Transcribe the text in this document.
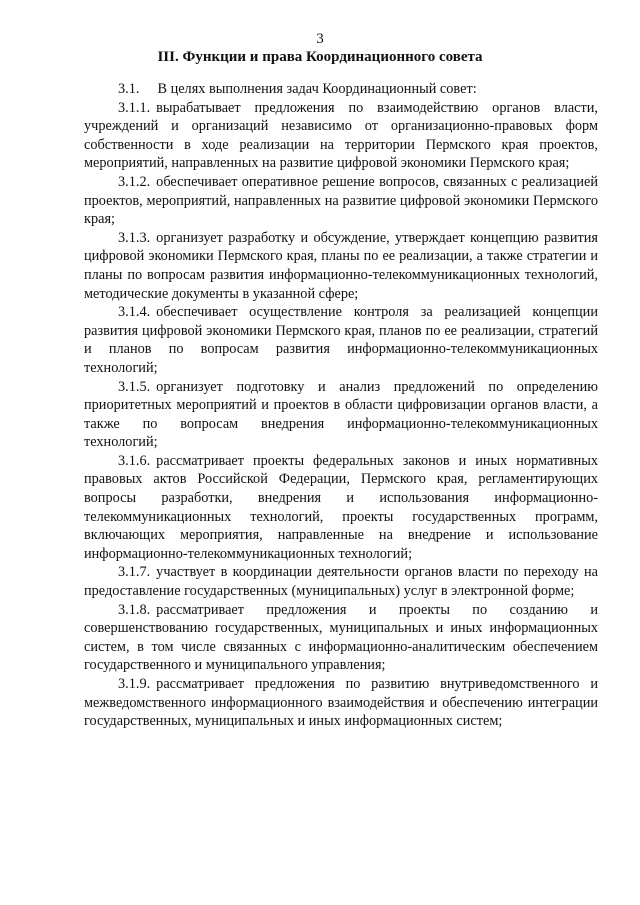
3
III. Функции и права Координационного совета

3.1. В целях выполнения задач Координационный совет:

3.1.1. вырабатывает предложения по взаимодействию органов власти, учреждений и организаций независимо от организационно-правовых форм собственности в ходе реализации на территории Пермского края проектов, мероприятий, направленных на развитие цифровой экономики Пермского края;

3.1.2. обеспечивает оперативное решение вопросов, связанных с реализацией проектов, мероприятий, направленных на развитие цифровой экономики Пермского края;

3.1.3. организует разработку и обсуждение, утверждает концепцию развития цифровой экономики Пермского края, планы по ее реализации, а также стратегии и планы по вопросам развития информационно-телекоммуникационных технологий, методические документы в указанной сфере;

3.1.4. обеспечивает осуществление контроля за реализацией концепции развития цифровой экономики Пермского края, планов по ее реализации, стратегий и планов по вопросам развития информационно-телекоммуникационных технологий;

3.1.5. организует подготовку и анализ предложений по определению приоритетных мероприятий и проектов в области цифровизации органов власти, а также по вопросам внедрения информационно-телекоммуникационных технологий;

3.1.6. рассматривает проекты федеральных законов и иных нормативных правовых актов Российской Федерации, Пермского края, регламентирующих вопросы разработки, внедрения и использования информационно-телекоммуникационных технологий, проекты государственных программ, включающих мероприятия, направленные на внедрение и использование информационно-телекоммуникационных технологий;

3.1.7. участвует в координации деятельности органов власти по переходу на предоставление государственных (муниципальных) услуг в электронной форме;

3.1.8. рассматривает предложения и проекты по созданию и совершенствованию государственных, муниципальных и иных информационных систем, в том числе связанных с информационно-аналитическим обеспечением государственного и муниципального управления;

3.1.9. рассматривает предложения по развитию внутриведомственного и межведомственного информационного взаимодействия и обеспечению интеграции государственных, муниципальных и иных информационных систем;
